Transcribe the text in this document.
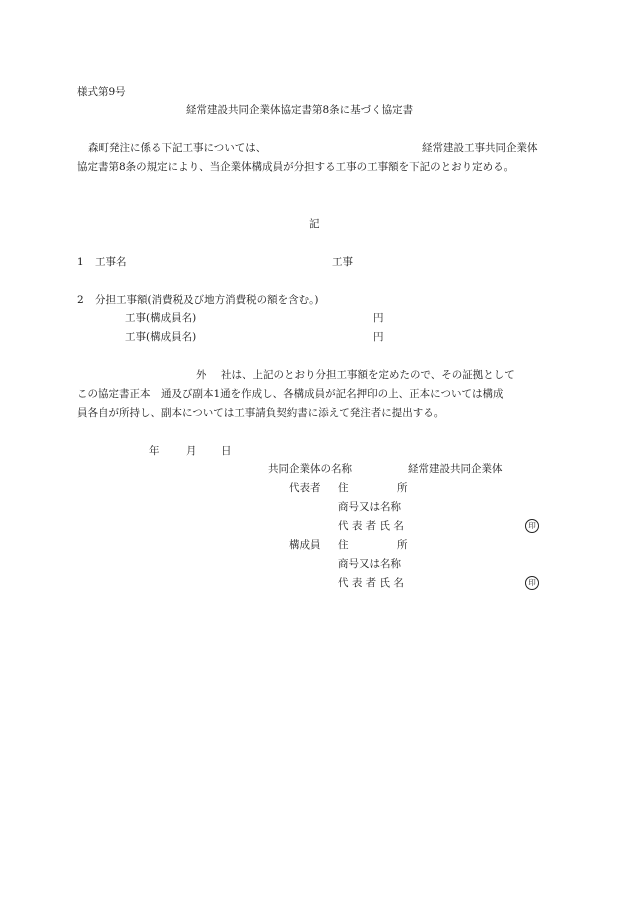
様式第9号
経常建設共同企業体協定書第8条に基づく協定書
森町発注に係る下記工事については、	経常建設工事共同企業体
協定書第8条の規定により、当企業体構成員が分担する工事の工事額を下記のとおり定める。
記
1 工事名	工事
2 分担工事額(消費税及び地方消費税の額を含む。)
工事(構成員名)	円
工事(構成員名)	円
外 社は、上記のとおり分担工事額を定めたので、その証拠として
この協定書正本　通及び副本1通を作成し、各構成員が記名押印の上、正本については構成
員各自が所持し、副本については工事請負契約書に添えて発注者に提出する。
年	月 日
共同企業体の名称	経常建設共同企業体
代表者 住	所
商号又は名称
代 表 者 氏 名	印
構成員 住	所
商号又は名称
代 表 者 氏 名	印
